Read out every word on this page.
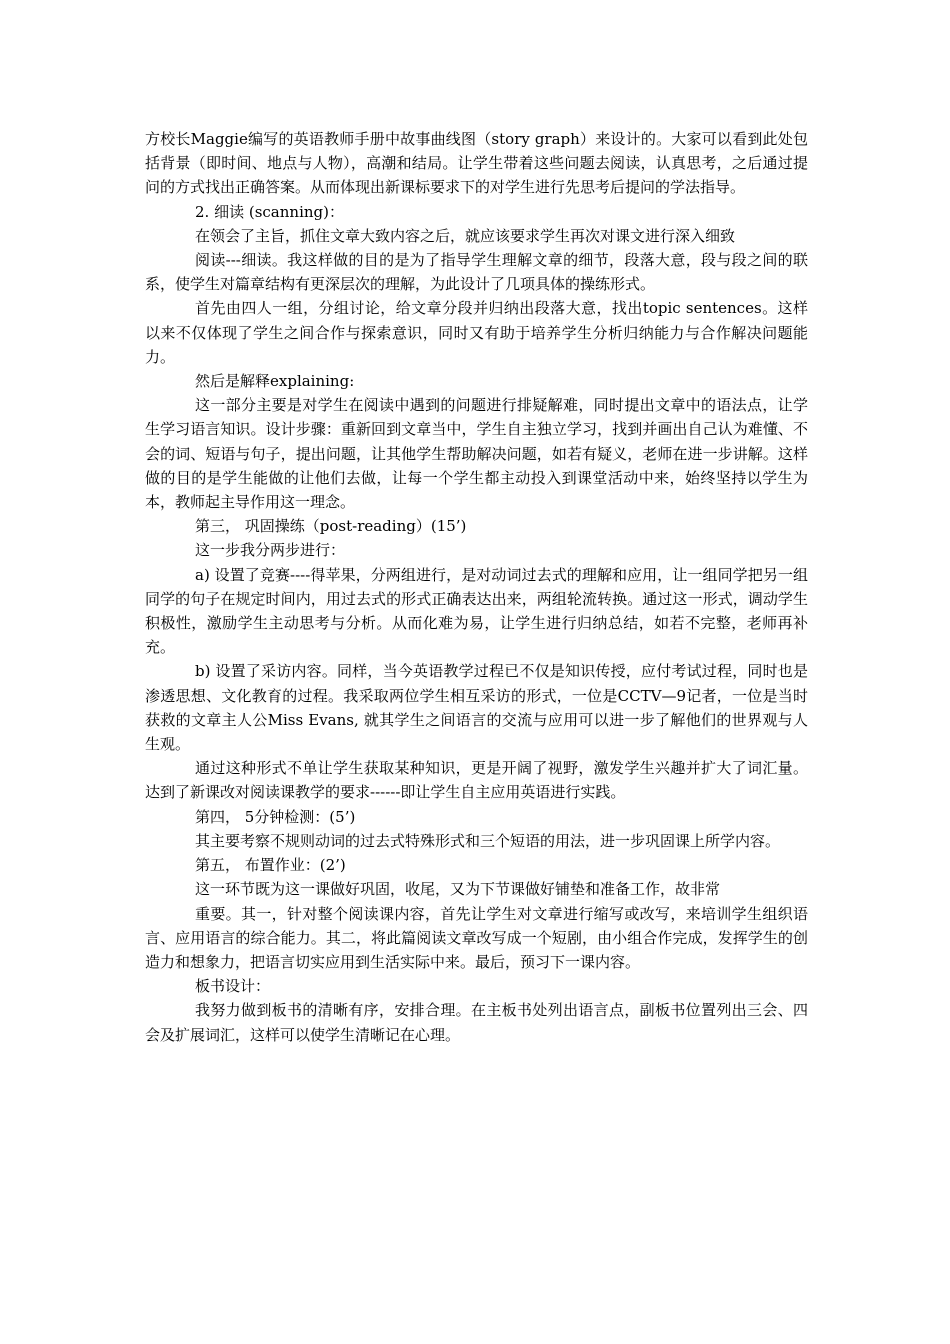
方校长Maggie编写的英语教师手册中故事曲线图（story graph）来设计的。大家可以看到此处包括背景（即时间、地点与人物），高潮和结局。让学生带着这些问题去阅读，认真思考，之后通过提问的方式找出正确答案。从而体现出新课标要求下的对学生进行先思考后提问的学法指导。

2. 细读 (scanning)：

在领会了主旨，抓住文章大致内容之后，就应该要求学生再次对课文进行深入细致

阅读---细读。我这样做的目的是为了指导学生理解文章的细节，段落大意，段与段之间的联系，使学生对篇章结构有更深层次的理解，为此设计了几项具体的操练形式。

首先由四人一组，分组讨论，给文章分段并归纳出段落大意，找出topic sentences。这样以来不仅体现了学生之间合作与探索意识，同时又有助于培养学生分析归纳能力与合作解决问题能力。

然后是解释explaining:

这一部分主要是对学生在阅读中遇到的问题进行排疑解难，同时提出文章中的语法点，让学生学习语言知识。设计步骤：重新回到文章当中，学生自主独立学习，找到并画出自己认为难懂、不会的词、短语与句子，提出问题，让其他学生帮助解决问题，如若有疑义，老师在进一步讲解。这样做的目的是学生能做的让他们去做，让每一个学生都主动投入到课堂活动中来，始终坚持以学生为本，教师起主导作用这一理念。

第三， 巩固操练（post-reading）(15’)

这一步我分两步进行：

a) 设置了竞赛----得苹果，分两组进行，是对动词过去式的理解和应用，让一组同学把另一组同学的句子在规定时间内，用过去式的形式正确表达出来，两组轮流转换。通过这一形式，调动学生积极性，激励学生主动思考与分析。从而化难为易，让学生进行归纳总结，如若不完整，老师再补充。

b) 设置了采访内容。同样，当今英语教学过程已不仅是知识传授，应付考试过程，同时也是渗透思想、文化教育的过程。我采取两位学生相互采访的形式，一位是CCTV—9记者，一位是当时获救的文章主人公Miss Evans, 就其学生之间语言的交流与应用可以进一步了解他们的世界观与人生观。

通过这种形式不单让学生获取某种知识，更是开阔了视野，激发学生兴趣并扩大了词汇量。达到了新课改对阅读课教学的要求------即让学生自主应用英语进行实践。

第四， 5分钟检测：(5’)

其主要考察不规则动词的过去式特殊形式和三个短语的用法，进一步巩固课上所学内容。

第五， 布置作业：(2’)

这一环节既为这一课做好巩固，收尾，又为下节课做好铺垫和准备工作，故非常

重要。其一，针对整个阅读课内容，首先让学生对文章进行缩写或改写，来培训学生组织语言、应用语言的综合能力。其二，将此篇阅读文章改写成一个短剧，由小组合作完成，发挥学生的创造力和想象力，把语言切实应用到生活实际中来。最后，预习下一课内容。

板书设计：

我努力做到板书的清晰有序，安排合理。在主板书处列出语言点，副板书位置列出三会、四会及扩展词汇，这样可以使学生清晰记在心理。
